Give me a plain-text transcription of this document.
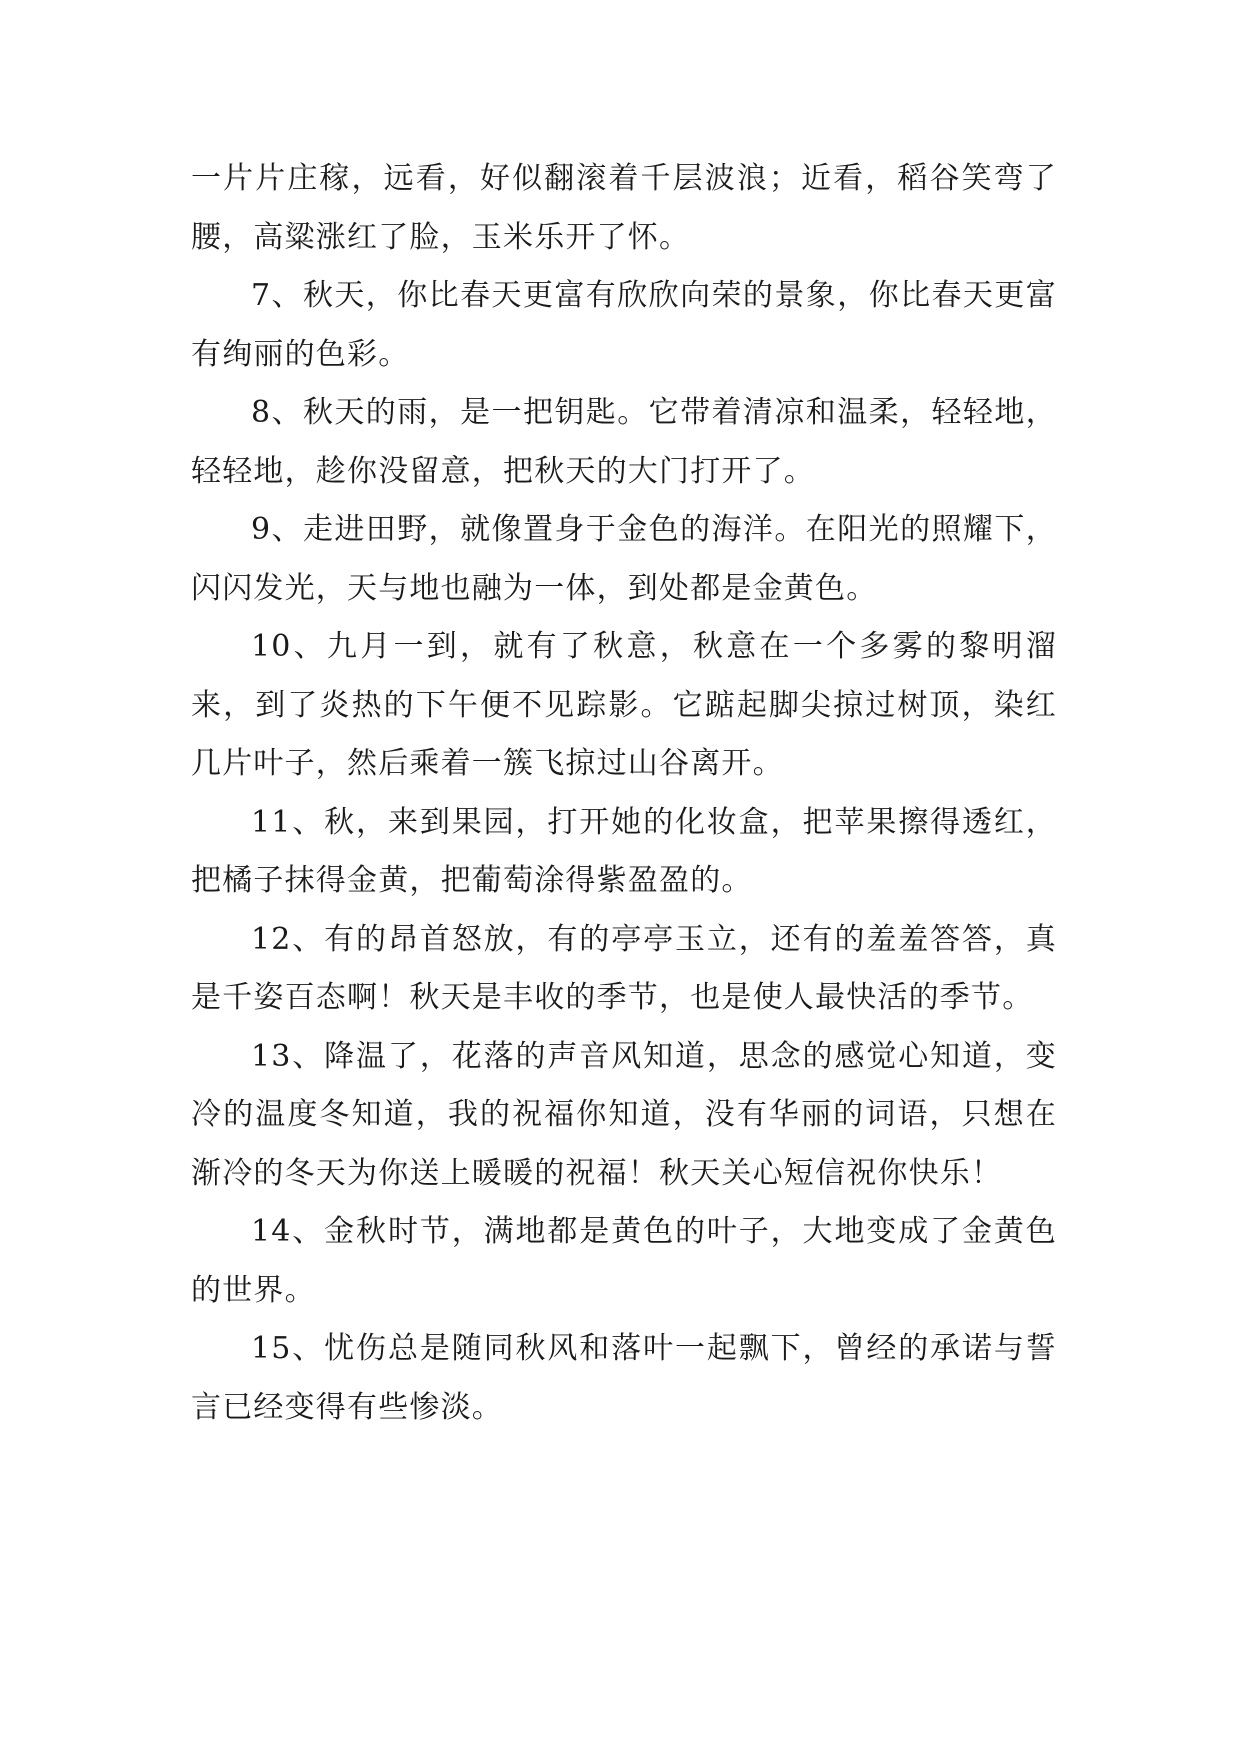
一片片庄稼，远看，好似翻滚着千层波浪；近看，稻谷笑弯了腰，高粱涨红了脸，玉米乐开了怀。

7、秋天，你比春天更富有欣欣向荣的景象，你比春天更富有绚丽的色彩。

8、秋天的雨，是一把钥匙。它带着清凉和温柔，轻轻地，轻轻地，趁你没留意，把秋天的大门打开了。

9、走进田野，就像置身于金色的海洋。在阳光的照耀下，闪闪发光，天与地也融为一体，到处都是金黄色。

10、九月一到，就有了秋意，秋意在一个多雾的黎明溜来，到了炎热的下午便不见踪影。它踮起脚尖掠过树顶，染红几片叶子，然后乘着一簇飞掠过山谷离开。

11、秋，来到果园，打开她的化妆盒，把苹果擦得透红，把橘子抹得金黄，把葡萄涂得紫盈盈的。

12、有的昂首怒放，有的亭亭玉立，还有的羞羞答答，真是千姿百态啊！秋天是丰收的季节，也是使人最快活的季节。

13、降温了，花落的声音风知道，思念的感觉心知道，变冷的温度冬知道，我的祝福你知道，没有华丽的词语，只想在渐冷的冬天为你送上暖暖的祝福！秋天关心短信祝你快乐！

14、金秋时节，满地都是黄色的叶子，大地变成了金黄色的世界。

15、忧伤总是随同秋风和落叶一起飘下，曾经的承诺与誓言已经变得有些惨淡。
